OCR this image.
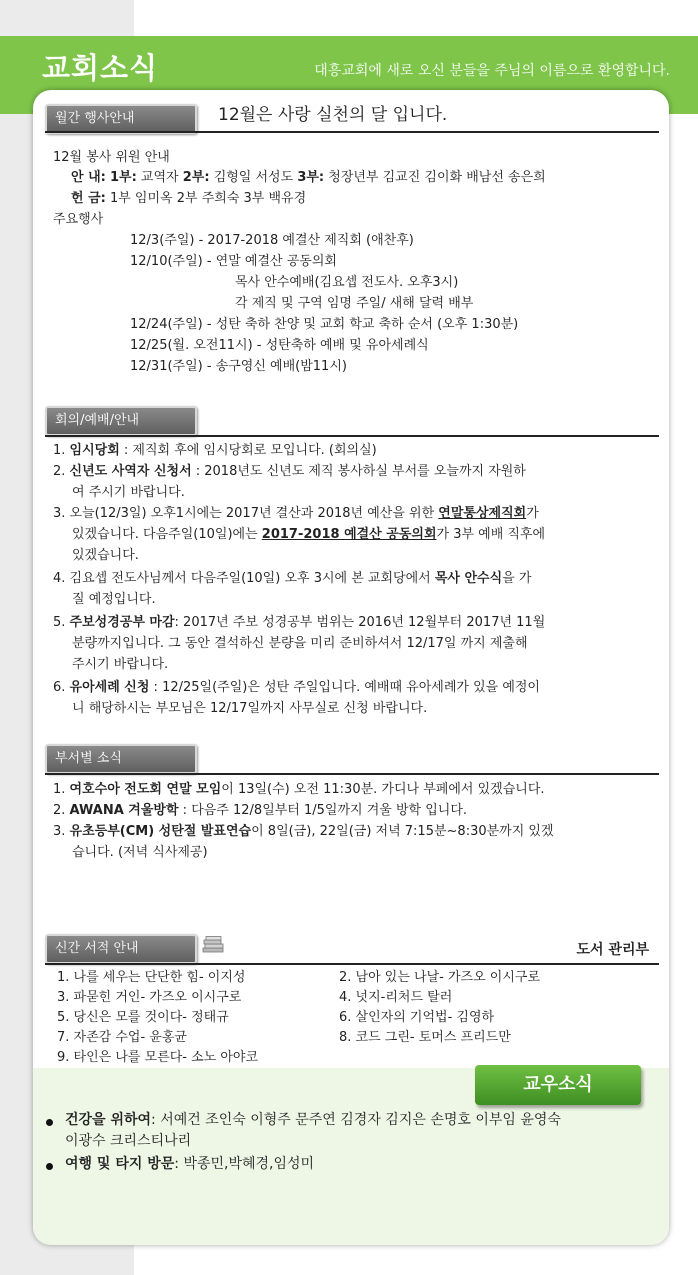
교회소식	대흥교회에 새로 오신 분들을 주님의 이름으로 환영합니다.
월간 행사안내	12월은 사랑 실천의 달 입니다.
12월 봉사 위원 안내
안 내: 1부: 교역자 2부: 김형일 서성도 3부: 청장년부 김교진 김이화 배남선 송은희
헌 금: 1부 임미옥 2부 주희숙 3부 백유경
주요행사
12/3(주일) - 2017-2018 예결산 제직회 (애찬후)
12/10(주일) - 연말 예결산 공동의회
목사 안수예배(김요셉 전도사. 오후3시)
각 제직 및 구역 임명 주일/ 새해 달력 배부
12/24(주일) - 성탄 축하 찬양 및 교회 학교 축하 순서 (오후 1:30분)
12/25(월. 오전11시) - 성탄축하 예배 및 유아세례식
12/31(주일) - 송구영신 예배(밤11시)
회의/예배/안내
1. 임시당회 : 제직회 후에 임시당회로 모입니다. (회의실)
2. 신년도 사역자 신청서 : 2018년도 신년도 제직 봉사하실 부서를 오늘까지 자원하
여 주시기 바랍니다.
3. 오늘(12/3일) 오후1시에는 2017년 결산과 2018년 예산을 위한 연말통상제직회가
있겠습니다. 다음주일(10일)에는 2017-2018 예결산 공동의회가 3부 예배 직후에
있겠습니다.
4. 김요셉 전도사님께서 다음주일(10일) 오후 3시에 본 교회당에서 목사 안수식을 가
질 예정입니다.
5. 주보성경공부 마감: 2017년 주보 성경공부 범위는 2016년 12월부터 2017년 11월
분량까지입니다. 그 동안 결석하신 분량을 미리 준비하셔서 12/17일 까지 제출해
주시기 바랍니다.
6. 유아세례 신청 : 12/25일(주일)은 성탄 주일입니다. 예배때 유아세례가 있을 예정이
니 해당하시는 부모님은 12/17일까지 사무실로 신청 바랍니다.
부서별 소식
1. 여호수아 전도회 연말 모임이 13일(수) 오전 11:30분. 가디나 부페에서 있겠습니다.
2. AWANA 겨울방학 : 다음주 12/8일부터 1/5일까지 겨울 방학 입니다.
3. 유초등부(CM) 성탄절 발표연습이 8일(금), 22일(금) 저녁 7:15분~8:30분까지 있겠
습니다. (저녁 식사제공)
신간 서적 안내	도서 관리부
1. 나를 세우는 단단한 힘- 이지성	2. 남아 있는 나날- 가즈오 이시구로
3. 파묻힌 거인- 가즈오 이시구로	4. 넛지-리처드 탈러
5. 당신은 모를 것이다- 정태규	6. 살인자의 기억법- 김영하
7. 자존감 수업- 윤홍균	8. 코드 그린- 토머스 프리드만
9. 타인은 나를 모른다- 소노 아야코
교우소식
건강을 위하여: 서예건 조인숙 이형주 문주연 김경자 김지은 손명호 이부임 윤영숙
이광수 크리스티나리
여행 및 타지 방문: 박종민,박혜경,임성미
